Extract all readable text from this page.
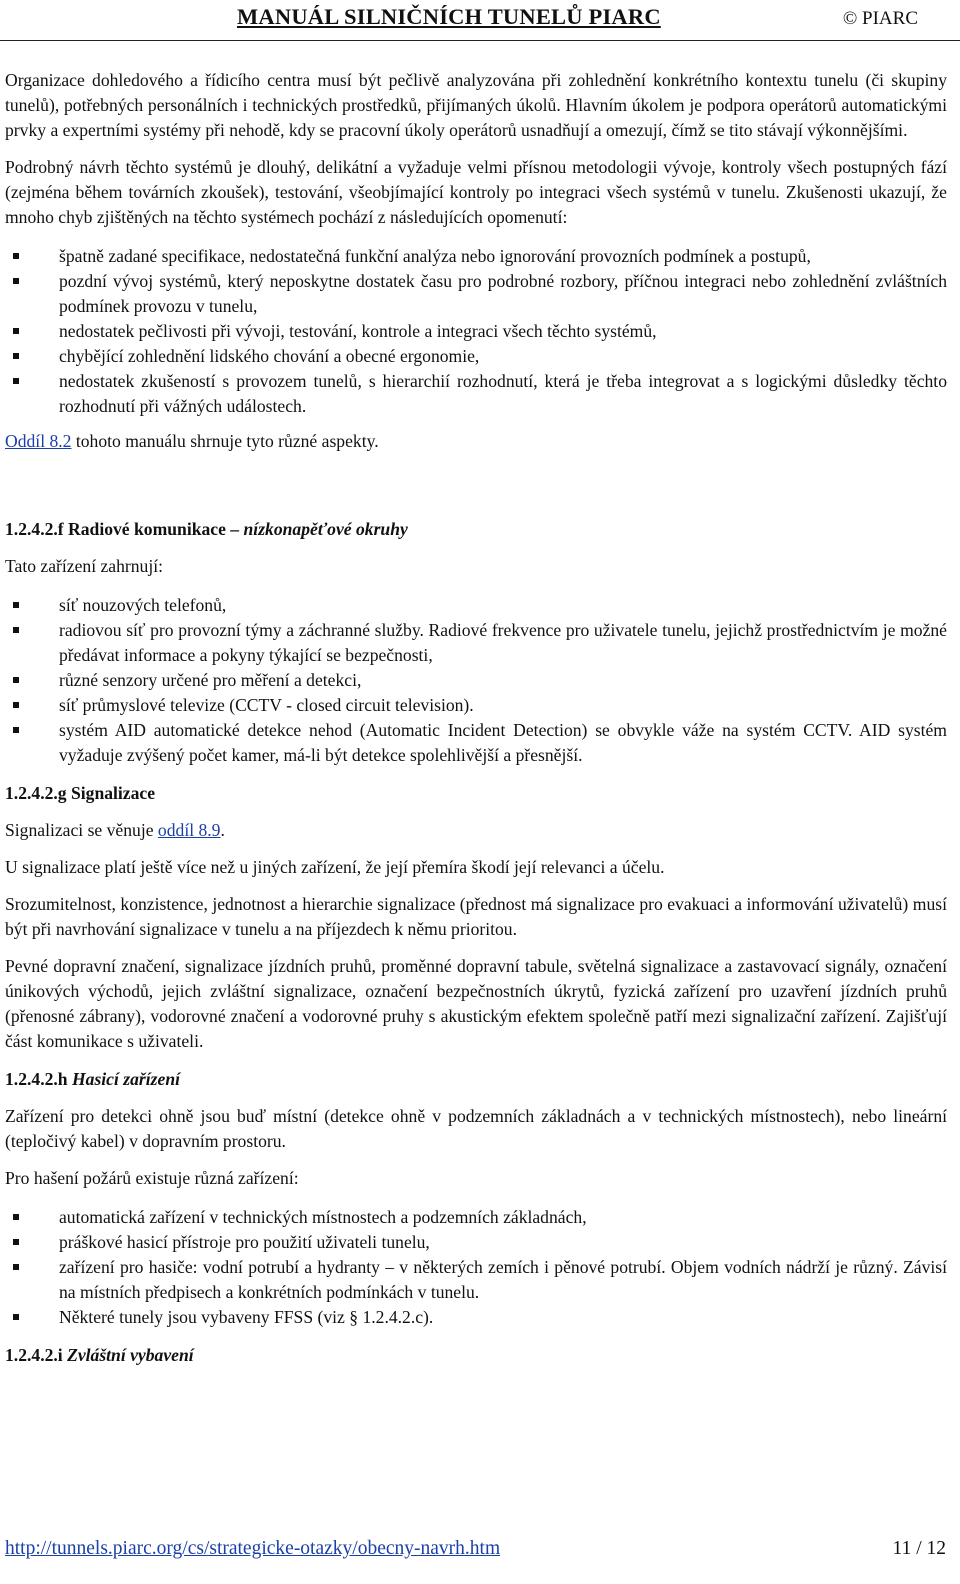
MANUÁL SILNIČNÍCH TUNELŮ PIARC	© PIARC

Organizace dohledového a řídicího centra musí být pečlivě analyzována při zohlednění konkrétního kontextu tunelu (či skupiny tunelů), potřebných personálních i technických prostředků, přijímaných úkolů. Hlavním úkolem je podpora operátorů automatickými prvky a expertními systémy při nehodě, kdy se pracovní úkoly operátorů usnadňují a omezují, čímž se tito stávají výkonnějšími.

Podrobný návrh těchto systémů je dlouhý, delikátní a vyžaduje velmi přísnou metodologii vývoje, kontroly všech postupných fází (zejména během továrních zkoušek), testování, všeobjímající kontroly po integraci všech systémů v tunelu. Zkušenosti ukazují, že mnoho chyb zjištěných na těchto systémech pochází z následujících opomenutí:

špatně zadané specifikace, nedostatečná funkční analýza nebo ignorování provozních podmínek a postupů,
pozdní vývoj systémů, který neposkytne dostatek času pro podrobné rozbory, příčnou integraci nebo zohlednění zvláštních podmínek provozu v tunelu,
nedostatek pečlivosti při vývoji, testování, kontrole a integraci všech těchto systémů,
chybějící zohlednění lidského chování a obecné ergonomie,
nedostatek zkušeností s provozem tunelů, s hierarchií rozhodnutí, která je třeba integrovat a s logickými důsledky těchto rozhodnutí při vážných událostech.

Oddíl 8.2 tohoto manuálu shrnuje tyto různé aspekty.

1.2.4.2.f Radiové komunikace – nízkonapěťové okruhy

Tato zařízení zahrnují:

síť nouzových telefonů,
radiovou síť pro provozní týmy a záchranné služby. Radiové frekvence pro uživatele tunelu, jejichž prostřednictvím je možné předávat informace a pokyny týkající se bezpečnosti,
různé senzory určené pro měření a detekci,
síť průmyslové televize (CCTV - closed circuit television).
systém AID automatické detekce nehod (Automatic Incident Detection) se obvykle váže na systém CCTV. AID systém vyžaduje zvýšený počet kamer, má-li být detekce spolehlivější a přesnější.
1.2.4.2.g Signalizace

Signalizaci se věnuje oddíl 8.9.

U signalizace platí ještě více než u jiných zařízení, že její přemíra škodí její relevanci a účelu.

Srozumitelnost, konzistence, jednotnost a hierarchie signalizace (přednost má signalizace pro evakuaci a informování uživatelů) musí být při navrhování signalizace v tunelu a na příjezdech k němu prioritou.

Pevné dopravní značení, signalizace jízdních pruhů, proměnné dopravní tabule, světelná signalizace a zastavovací signály, označení únikových východů, jejich zvláštní signalizace, označení bezpečnostních úkrytů, fyzická zařízení pro uzavření jízdních pruhů (přenosné zábrany), vodorovné značení a vodorovné pruhy s akustickým efektem společně patří mezi signalizační zařízení. Zajišťují část komunikace s uživateli.

1.2.4.2.h Hasicí zařízení

Zařízení pro detekci ohně jsou buď místní (detekce ohně v podzemních základnách a v technických místnostech), nebo lineární (tepločivý kabel) v dopravním prostoru.

Pro hašení požárů existuje různá zařízení:

automatická zařízení v technických místnostech a podzemních základnách,
práškové hasicí přístroje pro použití uživateli tunelu,
zařízení pro hasiče: vodní potrubí a hydranty – v některých zemích i pěnové potrubí. Objem vodních nádrží je různý. Závisí na místních předpisech a konkrétních podmínkách v tunelu.
Některé tunely jsou vybaveny FFSS (viz § 1.2.4.2.c).
1.2.4.2.i Zvláštní vybavení
http://tunnels.piarc.org/cs/strategicke-otazky/obecny-navrh.htm	11 / 12
